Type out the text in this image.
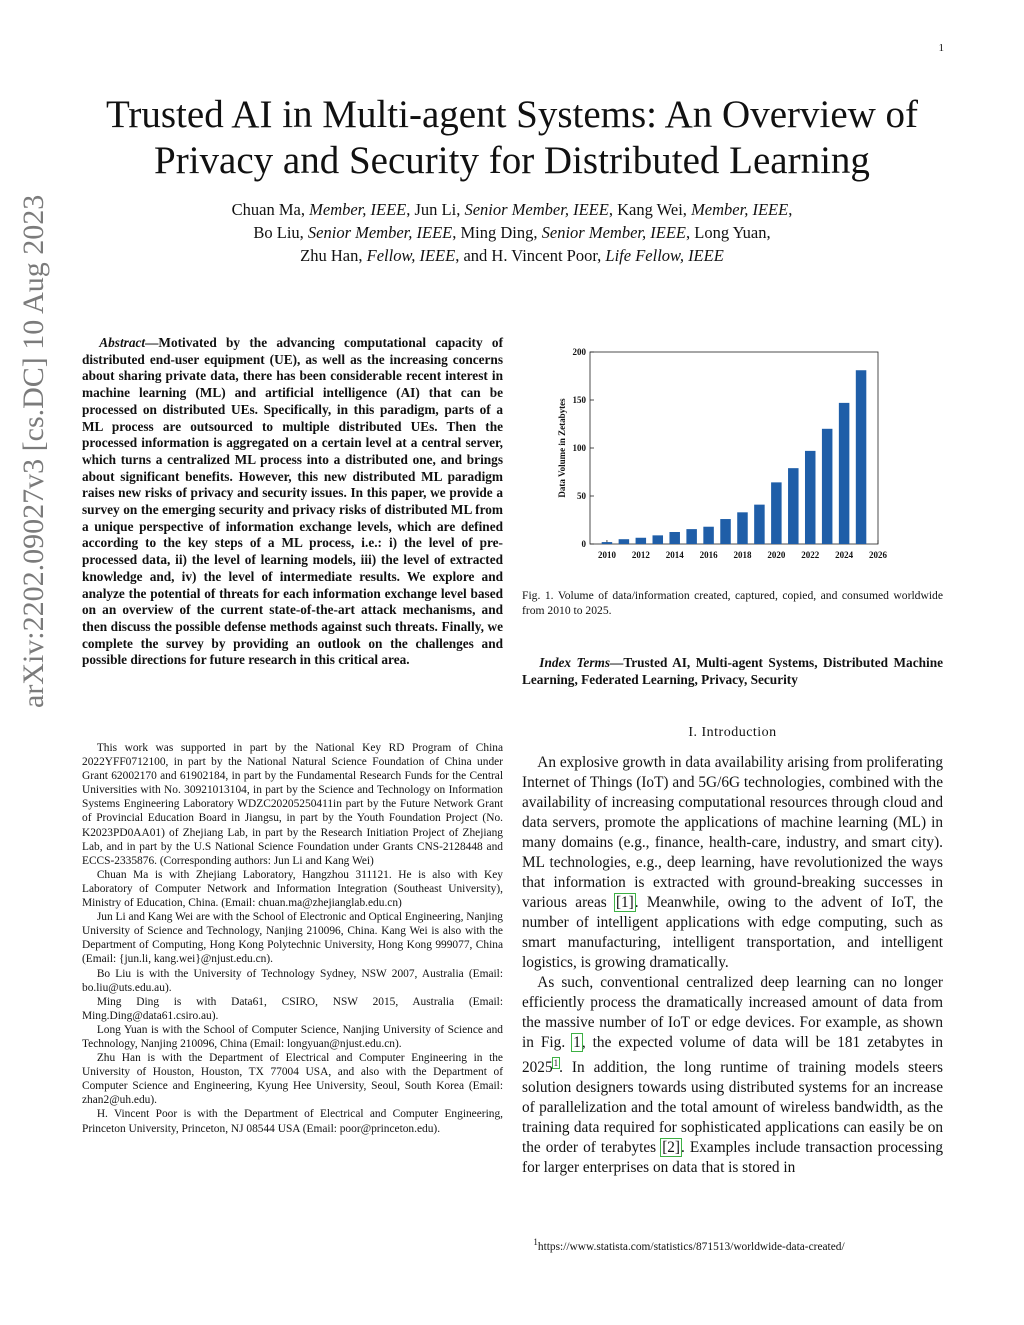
1
Trusted AI in Multi-agent Systems: An Overview of
Privacy and Security for Distributed Learning
Chuan Ma, Member, IEEE, Jun Li, Senior Member, IEEE, Kang Wei, Member, IEEE,
Bo Liu, Senior Member, IEEE, Ming Ding, Senior Member, IEEE, Long Yuan,
Zhu Han, Fellow, IEEE, and H. Vincent Poor, Life Fellow, IEEE
arXiv:2202.09027v3 [cs.DC] 10 Aug 2023	Abstract—Motivated by the advancing computational capacity of distributed end-user equipment (UE), as well as the increasing concerns about sharing private data, there has been considerable recent interest in machine learning (ML) and artificial intelligence (AI) that can be processed on distributed UEs. Specifically, in this paradigm, parts of a ML process are outsourced to multiple distributed UEs. Then the processed information is aggregated on a certain level at a central server, which turns a centralized ML process into a distributed one, and brings about significant benefits. However, this new distributed ML paradigm raises new risks of privacy and security issues. In this paper, we provide a survey on the emerging security and privacy risks of distributed ML from a unique perspective of information exchange levels, which are defined according to the key steps of a ML process, i.e.: i) the level of pre-processed data, ii) the level of learning models, iii) the level of extracted knowledge and, iv) the level of intermediate results. We explore and analyze the potential of threats for each information exchange level based on an overview of the current state-of-the-art attack mechanisms, and then discuss the possible defense methods against such threats. Finally, we complete the survey by providing an outlook on the challenges and possible directions for future research in this critical area.

This work was supported in part by the National Key RD Program of China 2022YFF0712100, in part by the National Natural Science Foundation of China under Grant 62002170 and 61902184, in part by the Fundamental Research Funds for the Central Universities with No. 30921013104, in part by the Science and Technology on Information Systems Engineering Laboratory WDZC20205250411in part by the Future Network Grant of Provincial Education Board in Jiangsu, in part by the Youth Foundation Project (No. K2023PD0AA01) of Zhejiang Lab, in part by the Research Initiation Project of Zhejiang Lab, and in part by the U.S National Science Foundation under Grants CNS-2128448 and ECCS-2335876. (Corresponding authors: Jun Li and Kang Wei)

Chuan Ma is with Zhejiang Laboratory, Hangzhou 311121. He is also with Key Laboratory of Computer Network and Information Integration (Southeast University), Ministry of Education, China. (Email: chuan.ma@zhejianglab.edu.cn)

Jun Li and Kang Wei are with the School of Electronic and Optical Engineering, Nanjing University of Science and Technology, Nanjing 210096, China. Kang Wei is also with the Department of Computing, Hong Kong Polytechnic University, Hong Kong 999077, China (Email: {jun.li, kang.wei}@njust.edu.cn).

Bo Liu is with the University of Technology Sydney, NSW 2007, Australia (Email: bo.liu@uts.edu.au).

Ming Ding is with Data61, CSIRO, NSW 2015, Australia (Email: Ming.Ding@data61.csiro.au).

Long Yuan is with the School of Computer Science, Nanjing University of Science and Technology, Nanjing 210096, China (Email: longyuan@njust.edu.cn).

Zhu Han is with the Department of Electrical and Computer Engineering in the University of Houston, Houston, TX 77004 USA, and also with the Department of Computer Science and Engineering, Kyung Hee University, Seoul, South Korea (Email: zhan2@uh.edu).

H. Vincent Poor is with the Department of Electrical and Computer Engineering, Princeton University, Princeton, NJ 08544 USA (Email: poor@princeton.edu).

0
50
100
150
200
2010 2012 2014 2016 2018 2020 2022 2024 2026
Data Volume in Zetabytes
Fig. 1. Volume of data/information created, captured, copied, and consumed worldwide from 2010 to 2025.
Index Terms—Trusted AI, Multi-agent Systems, Distributed Machine Learning, Federated Learning, Privacy, Security
I. Introduction

An explosive growth in data availability arising from proliferating Internet of Things (IoT) and 5G/6G technologies, combined with the availability of increasing computational resources through cloud and data servers, promote the applications of machine learning (ML) in many domains (e.g., finance, health-care, industry, and smart city). ML technologies, e.g., deep learning, have revolutionized the ways that information is extracted with ground-breaking successes in various areas [1]. Meanwhile, owing to the advent of IoT, the number of intelligent applications with edge computing, such as smart manufacturing, intelligent transportation, and intelligent logistics, is growing dramatically.

As such, conventional centralized deep learning can no longer efficiently process the dramatically increased amount of data from the massive number of IoT or edge devices. For example, as shown in Fig. 1, the expected volume of data will be 181 zetabytes in 2025$^1$. In addition, the long runtime of training models steers solution designers towards using distributed systems for an increase of parallelization and the total amount of wireless bandwidth, as the training data required for sophisticated applications can easily be on the order of terabytes [2]. Examples include transaction processing for larger enterprises on data that is stored in

$^1$https://www.statista.com/statistics/871513/worldwide-data-created/
